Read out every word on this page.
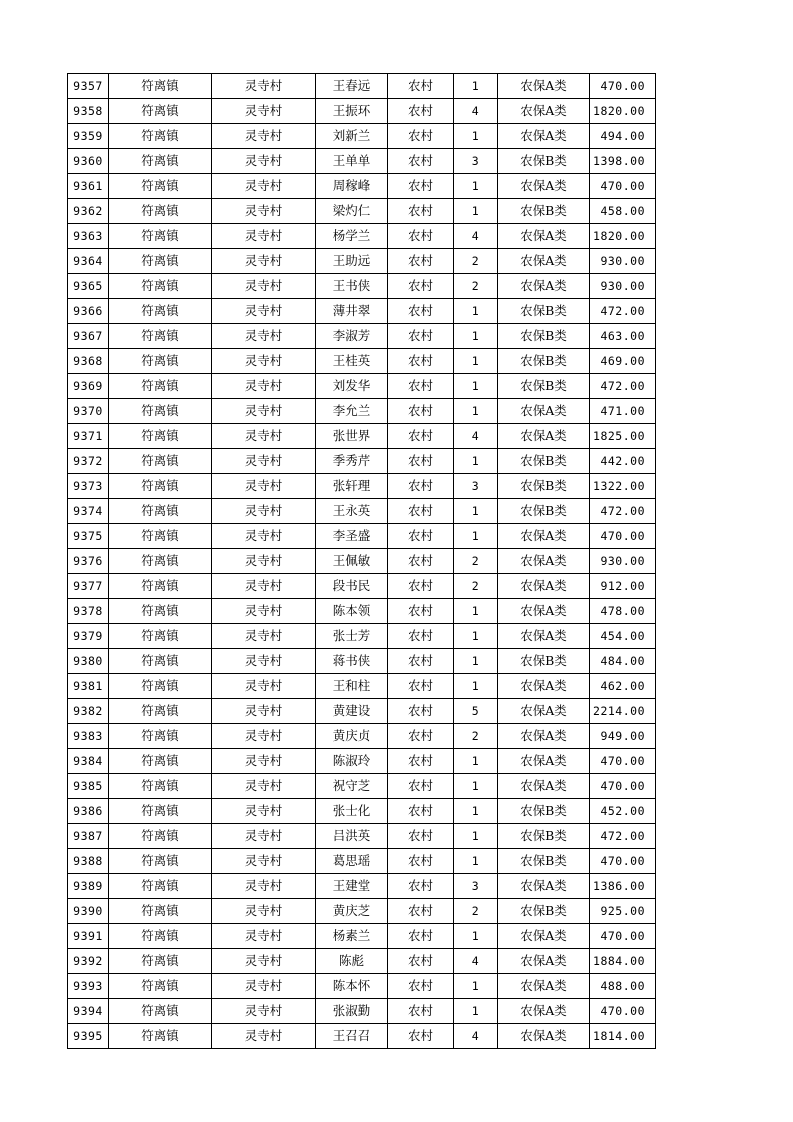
9357	符离镇	灵寺村	王春远	农村	1	农保A类	470.00
9358	符离镇	灵寺村	王振环	农村	4	农保A类	1820.00
9359	符离镇	灵寺村	刘新兰	农村	1	农保A类	494.00
9360	符离镇	灵寺村	王单单	农村	3	农保B类	1398.00
9361	符离镇	灵寺村	周稼峰	农村	1	农保A类	470.00
9362	符离镇	灵寺村	梁灼仁	农村	1	农保B类	458.00
9363	符离镇	灵寺村	杨学兰	农村	4	农保A类	1820.00
9364	符离镇	灵寺村	王助远	农村	2	农保A类	930.00
9365	符离镇	灵寺村	王书侠	农村	2	农保A类	930.00
9366	符离镇	灵寺村	薄井翠	农村	1	农保B类	472.00
9367	符离镇	灵寺村	李淑芳	农村	1	农保B类	463.00
9368	符离镇	灵寺村	王桂英	农村	1	农保B类	469.00
9369	符离镇	灵寺村	刘发华	农村	1	农保B类	472.00
9370	符离镇	灵寺村	李允兰	农村	1	农保A类	471.00
9371	符离镇	灵寺村	张世界	农村	4	农保A类	1825.00
9372	符离镇	灵寺村	季秀芹	农村	1	农保B类	442.00
9373	符离镇	灵寺村	张轩理	农村	3	农保B类	1322.00
9374	符离镇	灵寺村	王永英	农村	1	农保B类	472.00
9375	符离镇	灵寺村	李圣盛	农村	1	农保A类	470.00
9376	符离镇	灵寺村	王佩敏	农村	2	农保A类	930.00
9377	符离镇	灵寺村	段书民	农村	2	农保A类	912.00
9378	符离镇	灵寺村	陈本领	农村	1	农保A类	478.00
9379	符离镇	灵寺村	张士芳	农村	1	农保A类	454.00
9380	符离镇	灵寺村	蒋书侠	农村	1	农保B类	484.00
9381	符离镇	灵寺村	王和柱	农村	1	农保A类	462.00
9382	符离镇	灵寺村	黄建设	农村	5	农保A类	2214.00
9383	符离镇	灵寺村	黄庆贞	农村	2	农保A类	949.00
9384	符离镇	灵寺村	陈淑玲	农村	1	农保A类	470.00
9385	符离镇	灵寺村	祝守芝	农村	1	农保A类	470.00
9386	符离镇	灵寺村	张士化	农村	1	农保B类	452.00
9387	符离镇	灵寺村	吕洪英	农村	1	农保B类	472.00
9388	符离镇	灵寺村	葛思瑶	农村	1	农保B类	470.00
9389	符离镇	灵寺村	王建堂	农村	3	农保A类	1386.00
9390	符离镇	灵寺村	黄庆芝	农村	2	农保B类	925.00
9391	符离镇	灵寺村	杨素兰	农村	1	农保A类	470.00
9392	符离镇	灵寺村	陈彪	农村	4	农保A类	1884.00
9393	符离镇	灵寺村	陈本怀	农村	1	农保A类	488.00
9394	符离镇	灵寺村	张淑勤	农村	1	农保A类	470.00
9395	符离镇	灵寺村	王召召	农村	4	农保A类	1814.00
